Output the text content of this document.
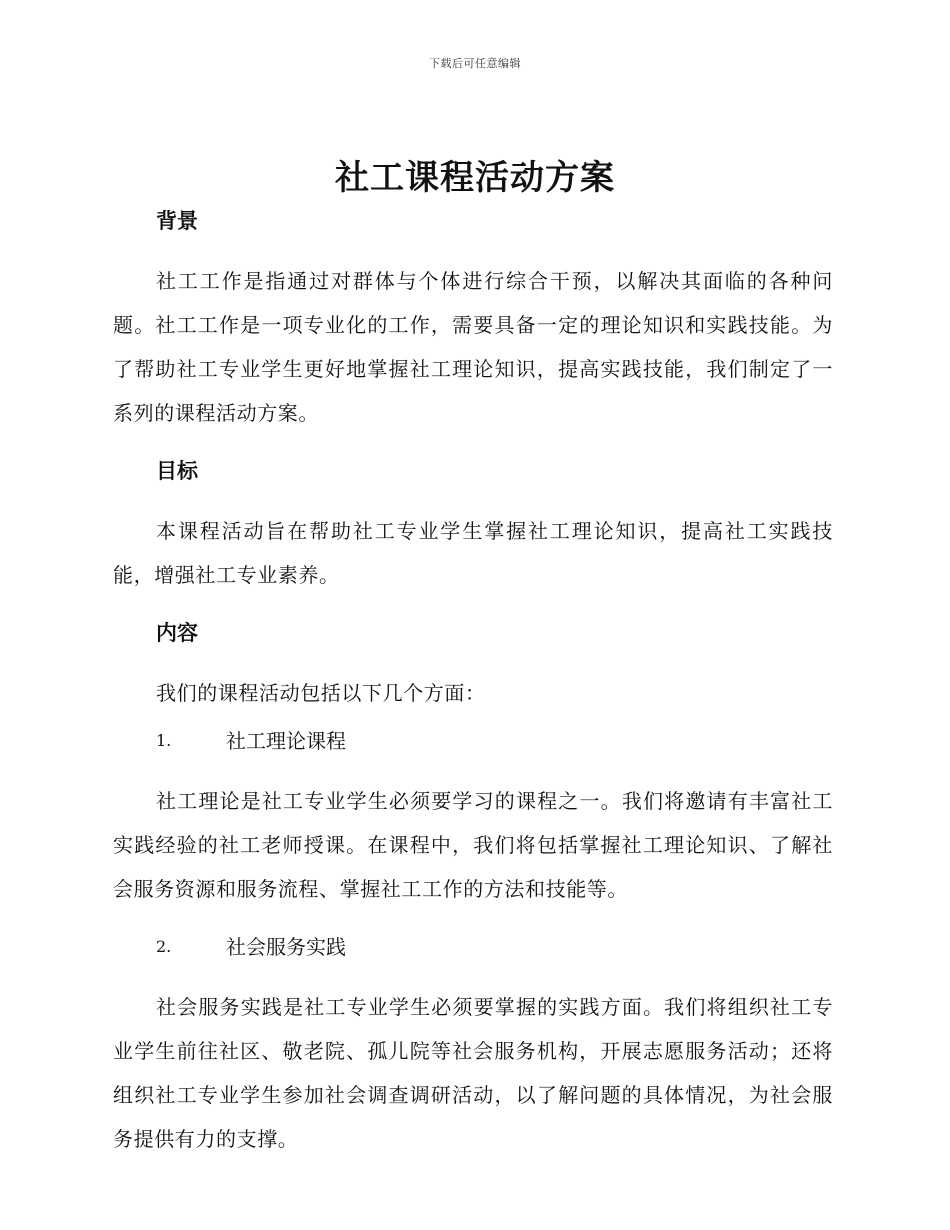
下载后可任意编辑
社工课程活动方案

背景

社工工作是指通过对群体与个体进行综合干预，以解决其面临的各种问题。社工工作是一项专业化的工作，需要具备一定的理论知识和实践技能。为了帮助社工专业学生更好地掌握社工理论知识，提高实践技能，我们制定了一系列的课程活动方案。

目标

本课程活动旨在帮助社工专业学生掌握社工理论知识，提高社工实践技能，增强社工专业素养。

内容

我们的课程活动包括以下几个方面：

1.	社工理论课程

社工理论是社工专业学生必须要学习的课程之一。我们将邀请有丰富社工实践经验的社工老师授课。在课程中，我们将包括掌握社工理论知识、了解社会服务资源和服务流程、掌握社工工作的方法和技能等。

2.	社会服务实践

社会服务实践是社工专业学生必须要掌握的实践方面。我们将组织社工专业学生前往社区、敬老院、孤儿院等社会服务机构，开展志愿服务活动；还将组织社工专业学生参加社会调查调研活动，以了解问题的具体情况，为社会服务提供有力的支撑。
